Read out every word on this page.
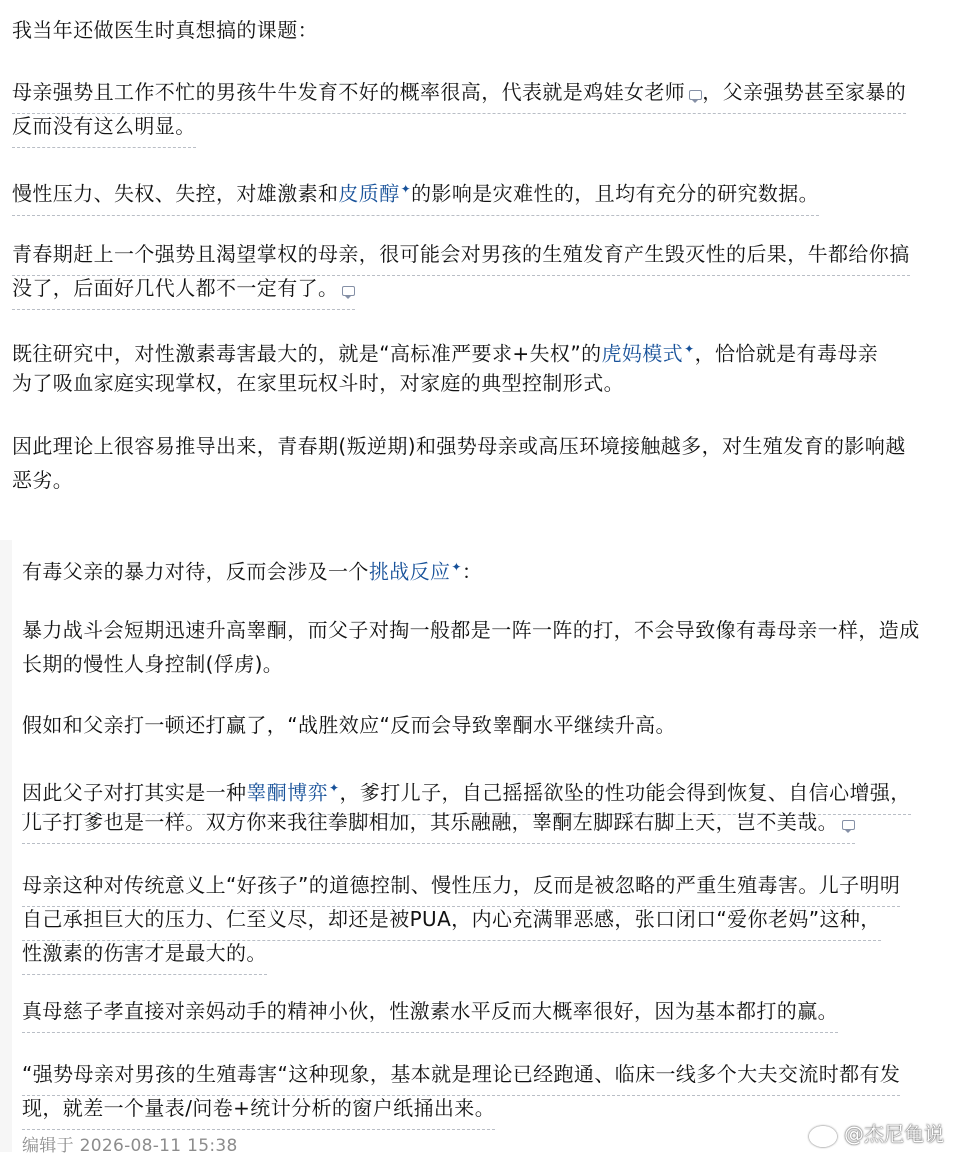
我当年还做医生时真想搞的课题：

母亲强势且工作不忙的男孩牛牛发育不好的概率很高，代表就是鸡娃女老师 ，父亲强势甚至家暴的

反而没有这么明显。

慢性压力、失权、失控，对雄激素和皮质醇✦的影响是灾难性的，且均有充分的研究数据。

青春期赶上一个强势且渴望掌权的母亲，很可能会对男孩的生殖发育产生毁灭性的后果，牛都给你搞

没了，后面好几代人都不一定有了。

既往研究中，对性激素毒害最大的，就是“高标准严要求+失权”的虎妈模式✦，恰恰就是有毒母亲

为了吸血家庭实现掌权，在家里玩权斗时，对家庭的典型控制形式。

因此理论上很容易推导出来，青春期(叛逆期)和强势母亲或高压环境接触越多，对生殖发育的影响越

恶劣。

有毒父亲的暴力对待，反而会涉及一个挑战反应✦：

暴力战斗会短期迅速升高睾酮，而父子对掏一般都是一阵一阵的打，不会导致像有毒母亲一样，造成

长期的慢性人身控制(俘虏)。

假如和父亲打一顿还打赢了，“战胜效应“反而会导致睾酮水平继续升高。

因此父子对打其实是一种睾酮博弈✦，爹打儿子，自己摇摇欲坠的性功能会得到恢复、自信心增强，

儿子打爹也是一样。双方你来我往拳脚相加，其乐融融，睾酮左脚踩右脚上天，岂不美哉。

母亲这种对传统意义上“好孩子”的道德控制、慢性压力，反而是被忽略的严重生殖毒害。儿子明明

自己承担巨大的压力、仁至义尽，却还是被PUA，内心充满罪恶感，张口闭口“爱你老妈”这种，

性激素的伤害才是最大的。

真母慈子孝直接对亲妈动手的精神小伙，性激素水平反而大概率很好，因为基本都打的赢。

“强势母亲对男孩的生殖毒害“这种现象，基本就是理论已经跑通、临床一线多个大夫交流时都有发

现，就差一个量表/问卷+统计分析的窗户纸捅出来。

编辑于 2026-08-11 15:38
@杰尼龟说
